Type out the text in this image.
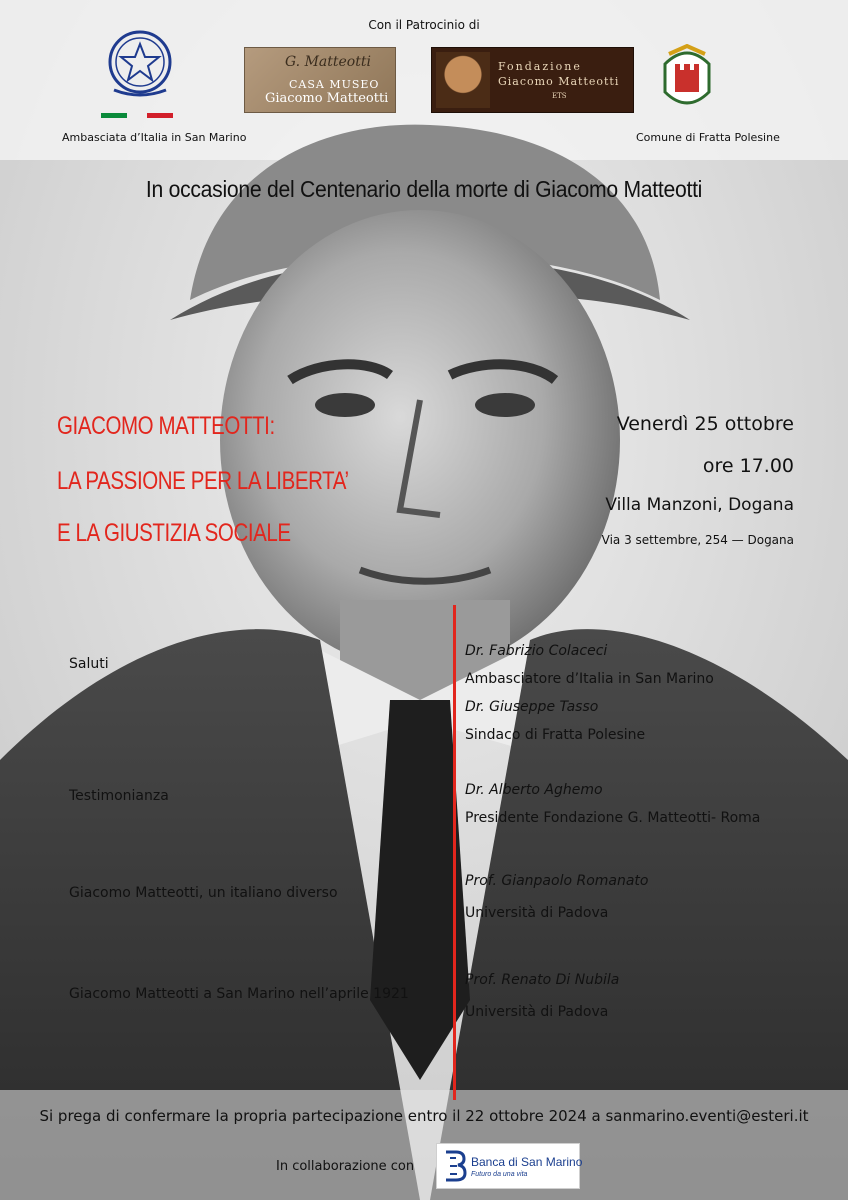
Con il Patrocinio di
Ambasciata d’Italia in San Marino
G. Matteotti
CASA MUSEO
Giacomo Matteotti
Fondazione
Giacomo Matteotti
ETS
Comune di Fratta Polesine
In occasione del Centenario della morte di Giacomo Matteotti
GIACOMO MATTEOTTI:
LA PASSIONE PER LA LIBERTA’
E LA GIUSTIZIA SOCIALE
Venerdì 25 ottobre
ore 17.00
Villa Manzoni, Dogana
Via 3 settembre, 254 — Dogana
Saluti
Testimonianza
Giacomo Matteotti, un italiano diverso
Giacomo Matteotti a San Marino nell’aprile 1921
Dr. Fabrizio Colaceci
Ambasciatore d’Italia in San Marino
Dr. Giuseppe Tasso
Sindaco di Fratta Polesine
Dr. Alberto Aghemo
Presidente Fondazione G. Matteotti- Roma
Prof. Gianpaolo Romanato
Università di Padova
Prof. Renato Di Nubila
Università di Padova
Si prega di confermare la propria partecipazione entro il 22 ottobre 2024 a sanmarino.eventi@esteri.it
In collaborazione con	Banca di San Marino
Futuro da una vita
